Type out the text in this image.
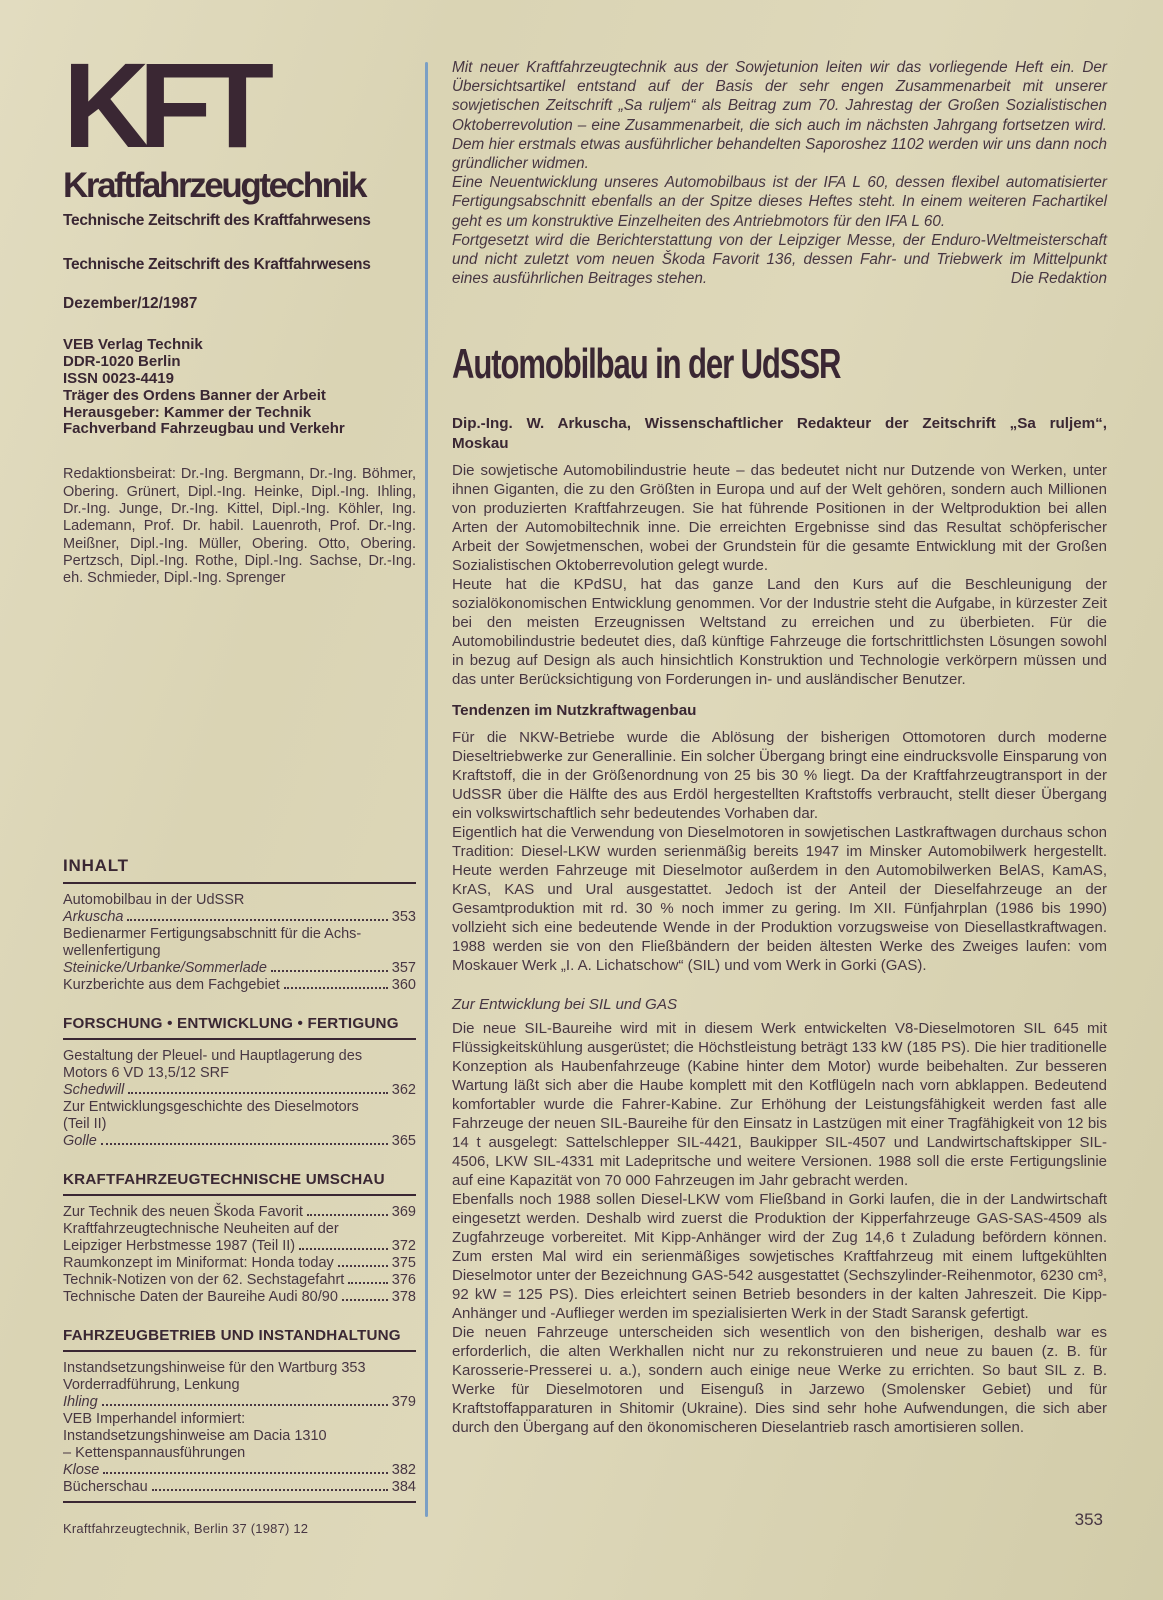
KFT
Kraftfahrzeugtechnik
Technische Zeitschrift des Kraftfahrwesens
Technische Zeitschrift des Kraftfahrwesens
Dezember/12/1987
VEB Verlag Technik
DDR-1020 Berlin
ISSN 0023-4419
Träger des Ordens Banner der Arbeit
Herausgeber: Kammer der Technik
Fachverband Fahrzeugbau und Verkehr
Redaktionsbeirat: Dr.-Ing. Bergmann, Dr.-Ing. Böhmer, Obering. Grünert, Dipl.-Ing. Heinke, Dipl.-Ing. Ihling, Dr.-Ing. Junge, Dr.-Ing. Kittel, Dipl.-Ing. Köhler, Ing. Lademann, Prof. Dr. habil. Lauenroth, Prof. Dr.-Ing. Meißner, Dipl.-Ing. Müller, Obering. Otto, Obering. Pertzsch, Dipl.-Ing. Rothe, Dipl.-Ing. Sachse, Dr.-Ing. eh. Schmieder, Dipl.-Ing. Sprenger
INHALT
Automobilbau in der UdSSR
Arkuscha	353
Bedienarmer Fertigungsabschnitt für die Achs-
wellenfertigung
Steinicke/Urbanke/Sommerlade	357
Kurzberichte aus dem Fachgebiet	360
FORSCHUNG • ENTWICKLUNG • FERTIGUNG
Gestaltung der Pleuel- und Hauptlagerung des
Motors 6 VD 13,5/12 SRF
Schedwill	362
Zur Entwicklungsgeschichte des Dieselmotors
(Teil II)
Golle	365
KRAFTFAHRZEUGTECHNISCHE UMSCHAU
Zur Technik des neuen Škoda Favorit	369
Kraftfahrzeugtechnische Neuheiten auf der
Leipziger Herbstmesse 1987 (Teil II)	372
Raumkonzept im Miniformat: Honda today	375
Technik-Notizen von der 62. Sechstagefahrt	376
Technische Daten der Baureihe Audi 80/90	378
FAHRZEUGBETRIEB UND INSTANDHALTUNG
Instandsetzungshinweise für den Wartburg 353
Vorderradführung, Lenkung
Ihling	379
VEB Imperhandel informiert:
Instandsetzungshinweise am Dacia 1310
– Kettenspannausführungen
Klose	382
Bücherschau	384

Mit neuer Kraftfahrzeugtechnik aus der Sowjetunion leiten wir das vorliegende Heft ein. Der Übersichtsartikel entstand auf der Basis der sehr engen Zusammenarbeit mit unserer sowjetischen Zeitschrift „Sa ruljem“ als Beitrag zum 70. Jahrestag der Großen Sozialistischen Oktoberrevolution – eine Zusammenarbeit, die sich auch im nächsten Jahrgang fortsetzen wird. Dem hier erstmals etwas ausführlicher behandelten Saporoshez 1102 werden wir uns dann noch gründlicher widmen.

Eine Neuentwicklung unseres Automobilbaus ist der IFA L 60, dessen flexibel automatisierter Fertigungsabschnitt ebenfalls an der Spitze dieses Heftes steht. In einem weiteren Fachartikel geht es um konstruktive Einzelheiten des Antriebmotors für den IFA L 60.

Fortgesetzt wird die Berichterstattung von der Leipziger Messe, der Enduro-Weltmeisterschaft und nicht zuletzt vom neuen Škoda Favorit 136, dessen Fahr- und Triebwerk im Mittelpunkt eines ausführlichen Beitrages stehen.	Die Redaktion
Automobilbau in der UdSSR
Dip.-Ing. W. Arkuscha, Wissenschaftlicher Redakteur der Zeitschrift „Sa ruljem“, Moskau

Die sowjetische Automobilindustrie heute – das bedeutet nicht nur Dutzende von Werken, unter ihnen Giganten, die zu den Größten in Europa und auf der Welt gehören, sondern auch Millionen von produzierten Kraftfahrzeugen. Sie hat führende Positionen in der Weltproduktion bei allen Arten der Automobiltechnik inne. Die erreichten Ergebnisse sind das Resultat schöpferischer Arbeit der Sowjetmenschen, wobei der Grundstein für die gesamte Entwicklung mit der Großen Sozialistischen Oktoberrevolution gelegt wurde.

Heute hat die KPdSU, hat das ganze Land den Kurs auf die Beschleunigung der sozialökonomischen Entwicklung genommen. Vor der Industrie steht die Aufgabe, in kürzester Zeit bei den meisten Erzeugnissen Weltstand zu erreichen und zu überbieten. Für die Automobilindustrie bedeutet dies, daß künftige Fahrzeuge die fortschrittlichsten Lösungen sowohl in bezug auf Design als auch hinsichtlich Konstruktion und Technologie verkörpern müssen und das unter Berücksichtigung von Forderungen in- und ausländischer Benutzer.

Tendenzen im Nutzkraftwagenbau

Für die NKW-Betriebe wurde die Ablösung der bisherigen Ottomotoren durch moderne Dieseltriebwerke zur Generallinie. Ein solcher Übergang bringt eine eindrucksvolle Einsparung von Kraftstoff, die in der Größenordnung von 25 bis 30 % liegt. Da der Kraftfahrzeugtransport in der UdSSR über die Hälfte des aus Erdöl hergestellten Kraftstoffs verbraucht, stellt dieser Übergang ein volkswirtschaftlich sehr bedeutendes Vorhaben dar.

Eigentlich hat die Verwendung von Dieselmotoren in sowjetischen Lastkraftwagen durchaus schon Tradition: Diesel-LKW wurden serienmäßig bereits 1947 im Minsker Automobilwerk hergestellt. Heute werden Fahrzeuge mit Dieselmotor außerdem in den Automobilwerken BelAS, KamAS, KrAS, KAS und Ural ausgestattet. Jedoch ist der Anteil der Dieselfahrzeuge an der Gesamtproduktion mit rd. 30 % noch immer zu gering. Im XII. Fünfjahrplan (1986 bis 1990) vollzieht sich eine bedeutende Wende in der Produktion vorzugsweise von Diesellastkraftwagen. 1988 werden sie von den Fließbändern der beiden ältesten Werke des Zweiges laufen: vom Moskauer Werk „I. A. Lichatschow“ (SIL) und vom Werk in Gorki (GAS).

Zur Entwicklung bei SIL und GAS

Die neue SIL-Baureihe wird mit in diesem Werk entwickelten V8-Dieselmotoren SIL 645 mit Flüssigkeitskühlung ausgerüstet; die Höchstleistung beträgt 133 kW (185 PS). Die hier traditionelle Konzeption als Haubenfahrzeuge (Kabine hinter dem Motor) wurde beibehalten. Zur besseren Wartung läßt sich aber die Haube komplett mit den Kotflügeln nach vorn abklappen. Bedeutend komfortabler wurde die Fahrer-Kabine. Zur Erhöhung der Leistungsfähigkeit werden fast alle Fahrzeuge der neuen SIL-Baureihe für den Einsatz in Lastzügen mit einer Tragfähigkeit von 12 bis 14 t ausgelegt: Sattelschlepper SIL-4421, Baukipper SIL-4507 und Landwirtschaftskipper SIL-4506, LKW SIL-4331 mit Ladepritsche und weitere Versionen. 1988 soll die erste Fertigungslinie auf eine Kapazität von 70 000 Fahrzeugen im Jahr gebracht werden.

Ebenfalls noch 1988 sollen Diesel-LKW vom Fließband in Gorki laufen, die in der Landwirtschaft eingesetzt werden. Deshalb wird zuerst die Produktion der Kipperfahrzeuge GAS-SAS-4509 als Zugfahrzeuge vorbereitet. Mit Kipp-Anhänger wird der Zug 14,6 t Zuladung befördern können. Zum ersten Mal wird ein serienmäßiges sowjetisches Kraftfahrzeug mit einem luftgekühlten Dieselmotor unter der Bezeichnung GAS-542 ausgestattet (Sechszylinder-Reihenmotor, 6230 cm³, 92 kW = 125 PS). Dies erleichtert seinen Betrieb besonders in der kalten Jahreszeit. Die Kipp-Anhänger und -Auflieger werden im spezialisierten Werk in der Stadt Saransk gefertigt.

Die neuen Fahrzeuge unterscheiden sich wesentlich von den bisherigen, deshalb war es erforderlich, die alten Werkhallen nicht nur zu rekonstruieren und neue zu bauen (z. B. für Karosserie-Presserei u. a.), sondern auch einige neue Werke zu errichten. So baut SIL z. B. Werke für Dieselmotoren und Eisenguß in Jarzewo (Smolensker Gebiet) und für Kraftstoffapparaturen in Shitomir (Ukraine). Dies sind sehr hohe Aufwendungen, die sich aber durch den Übergang auf den ökonomischeren Dieselantrieb rasch amortisieren sollen.

Kraftfahrzeugtechnik, Berlin 37 (1987) 12	353
